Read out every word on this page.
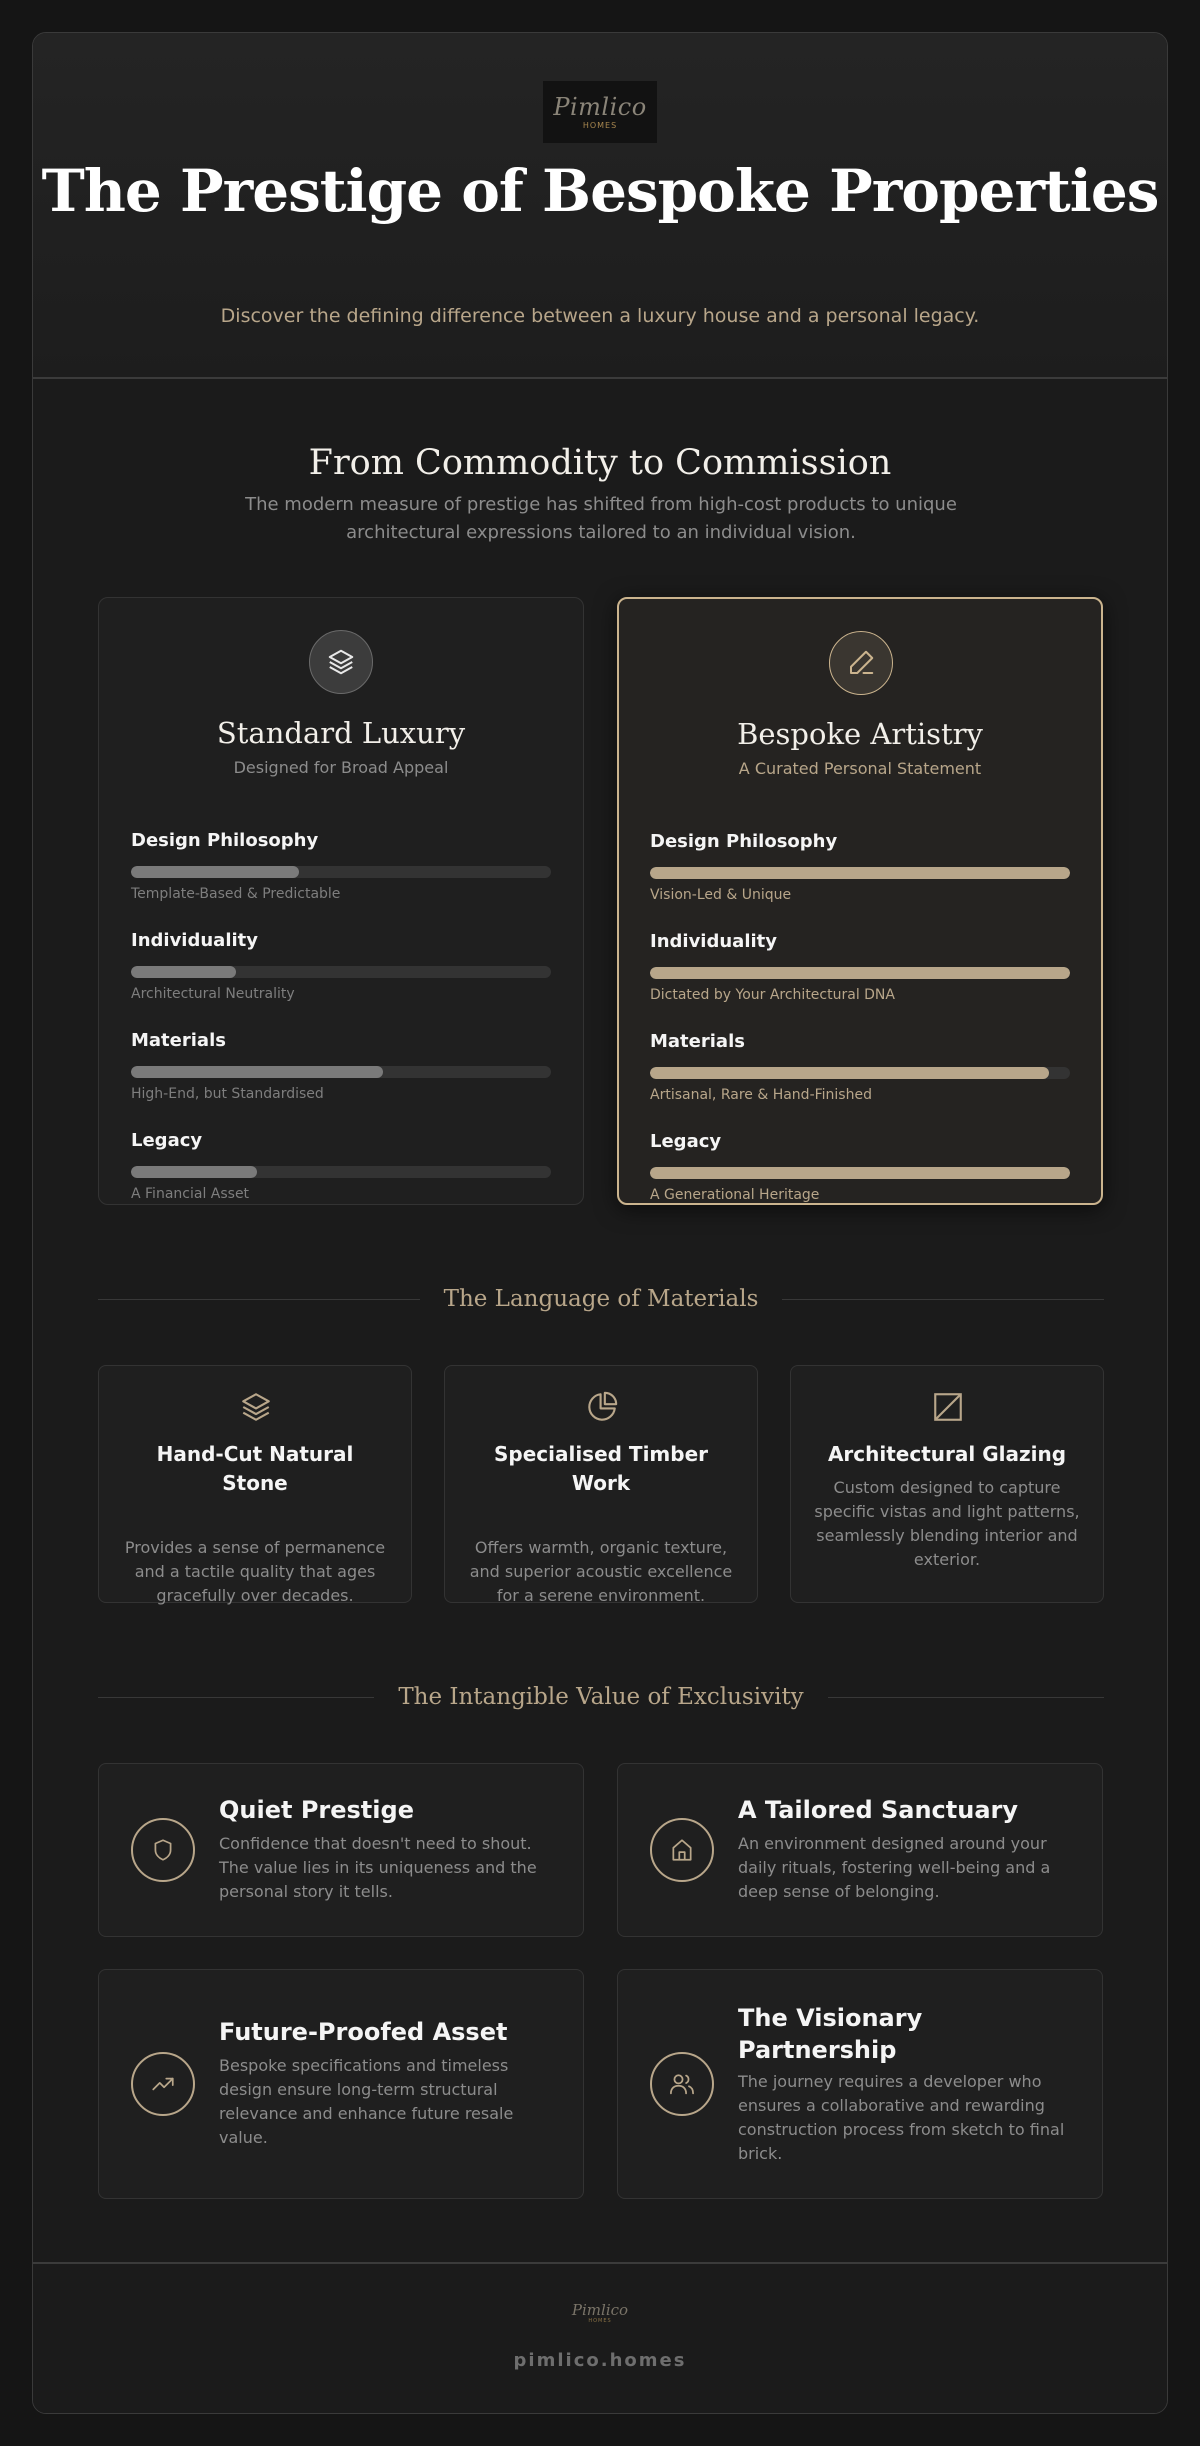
Pimlico
HOMES
The Prestige of Bespoke Properties
Discover the defining difference between a luxury house and a personal legacy.
From Commodity to Commission
The modern measure of prestige has shifted from high-cost products to unique architectural expressions tailored to an individual vision.
Standard Luxury
Designed for Broad Appeal
Design Philosophy
Template-Based & Predictable
Individuality
Architectural Neutrality
Materials
High-End, but Standardised
Legacy
A Financial Asset
Bespoke Artistry
A Curated Personal Statement
Design Philosophy
Vision-Led & Unique
Individuality
Dictated by Your Architectural DNA
Materials
Artisanal, Rare & Hand-Finished
Legacy
A Generational Heritage
The Language of Materials
Hand-Cut Natural Stone
Provides a sense of permanence and a tactile quality that ages gracefully over decades.
Specialised Timber Work
Offers warmth, organic texture, and superior acoustic excellence for a serene environment.
Architectural Glazing
Custom designed to capture specific vistas and light patterns, seamlessly blending interior and exterior.
The Intangible Value of Exclusivity
Quiet Prestige
Confidence that doesn't need to shout. The value lies in its uniqueness and the personal story it tells.
A Tailored Sanctuary
An environment designed around your daily rituals, fostering well-being and a deep sense of belonging.
Future-Proofed Asset
Bespoke specifications and timeless design ensure long-term structural relevance and enhance future resale value.
The Visionary Partnership
The journey requires a developer who ensures a collaborative and rewarding construction process from sketch to final brick.
Pimlico
HOMES
pimlico.homes
